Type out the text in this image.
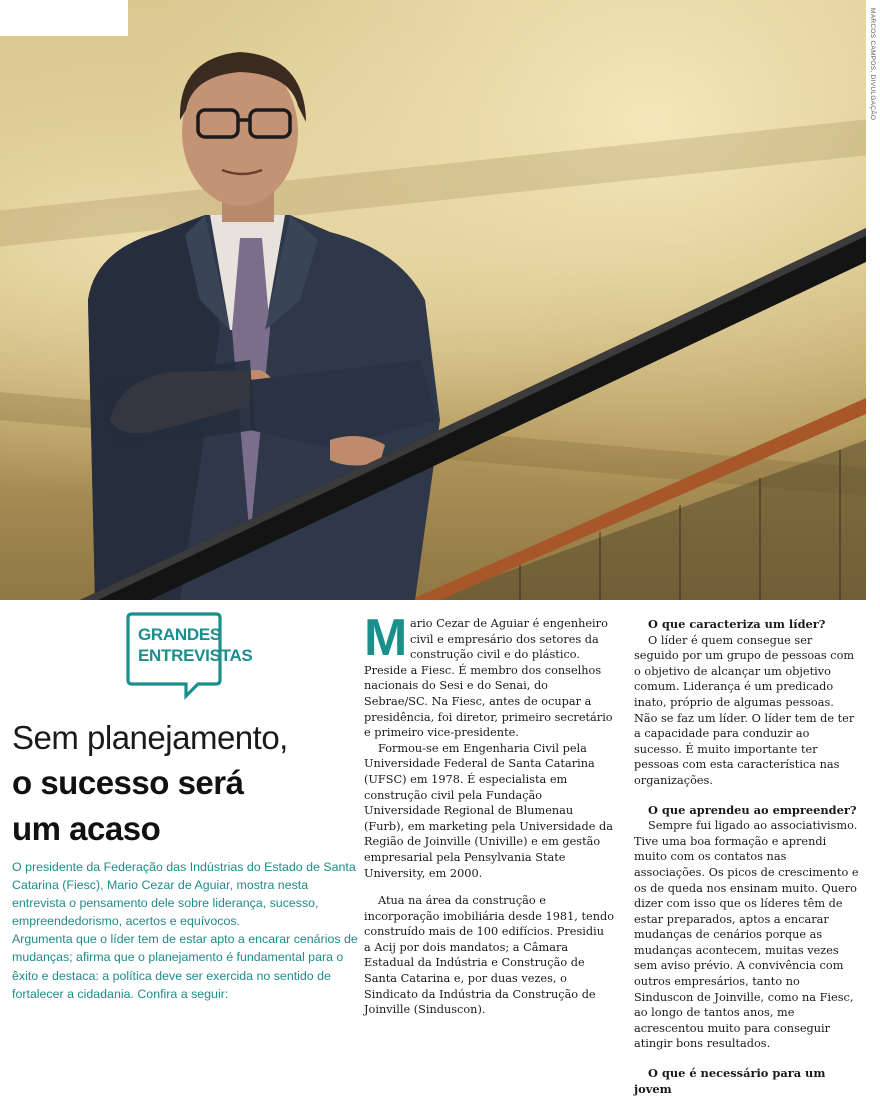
MARCOS CAMPOS, DIVULGAÇÃO
GRANDES
ENTREVISTAS
Sem planejamento,
o sucesso será
um acaso

O presidente da Federação das Indústrias do Estado de Santa Catarina (Fiesc), Mario Cezar de Aguiar, mostra nesta entrevista o pensamento dele sobre liderança, sucesso, empreendedorismo, acertos e equívocos.

Argumenta que o líder tem de estar apto a encarar cenários de mudanças; afirma que o planejamento é fundamental para o êxito e destaca: a política deve ser exercida no sentido de fortalecer a cidadania. Confira a seguir:

M ario Cezar de Aguiar é engenheiro civil e empresário dos setores da construção civil e do plástico. Preside a Fiesc. É membro dos conselhos nacionais do Sesi e do Senai, do Sebrae/SC. Na Fiesc, antes de ocupar a presidência, foi diretor, primeiro secretário e primeiro vice-presidente.

Formou-se em Engenharia Civil pela Universidade Federal de Santa Catarina (UFSC) em 1978. É especialista em construção civil pela Fundação Universidade Regional de Blumenau (Furb), em marketing pela Universidade da Região de Joinville (Univille) e em gestão empresarial pela Pensylvania State University, em 2000.

Atua na área da construção e incorporação imobiliária desde 1981, tendo construído mais de 100 edifícios. Presidiu a Acij por dois mandatos; a Câmara Estadual da Indústria e Construção de Santa Catarina e, por duas vezes, o Sindicato da Indústria da Construção de Joinville (Sinduscon).

O que caracteriza um líder?

O líder é quem consegue ser seguido por um grupo de pessoas com o objetivo de alcançar um objetivo comum. Liderança é um predicado inato, próprio de algumas pessoas. Não se faz um líder. O líder tem de ter a capacidade para conduzir ao sucesso. É muito importante ter pessoas com esta característica nas organizações.

O que aprendeu ao empreender?

Sempre fui ligado ao associativismo. Tive uma boa formação e aprendi muito com os contatos nas associações. Os picos de crescimento e os de queda nos ensinam muito. Quero dizer com isso que os líderes têm de estar preparados, aptos a encarar mudanças de cenários porque as mudanças acontecem, muitas vezes sem aviso prévio. A convivência com outros empresários, tanto no Sinduscon de Joinville, como na Fiesc, ao longo de tantos anos, me acrescentou muito para conseguir atingir bons resultados.

O que é necessário para um jovem
